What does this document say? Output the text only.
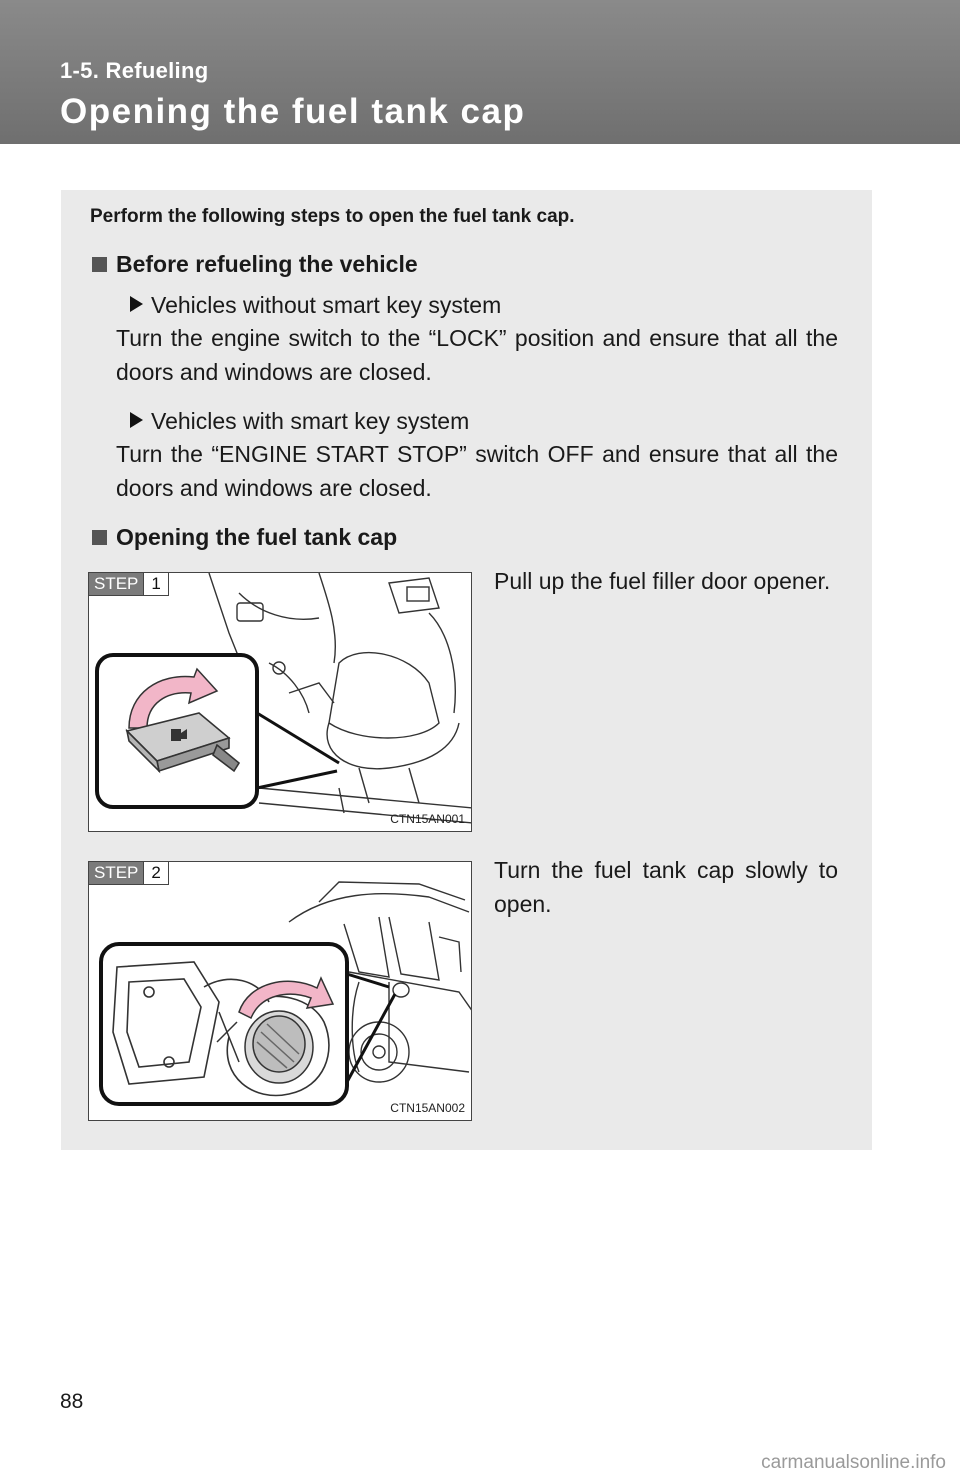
1-5. Refueling
Opening the fuel tank cap
Perform the following steps to open the fuel tank cap.
Before refueling the vehicle
Vehicles without smart key system
Turn the engine switch to the “LOCK” position and ensure that all the doors and windows are closed.
Vehicles with smart key system
Turn the “ENGINE START STOP” switch OFF and ensure that all the doors and windows are closed.
Opening the fuel tank cap
STEP 1
CTN15AN001
Pull up the fuel filler door opener.
STEP 2
CTN15AN002
Turn the fuel tank cap slowly to open.
88
carmanualsonline.info
